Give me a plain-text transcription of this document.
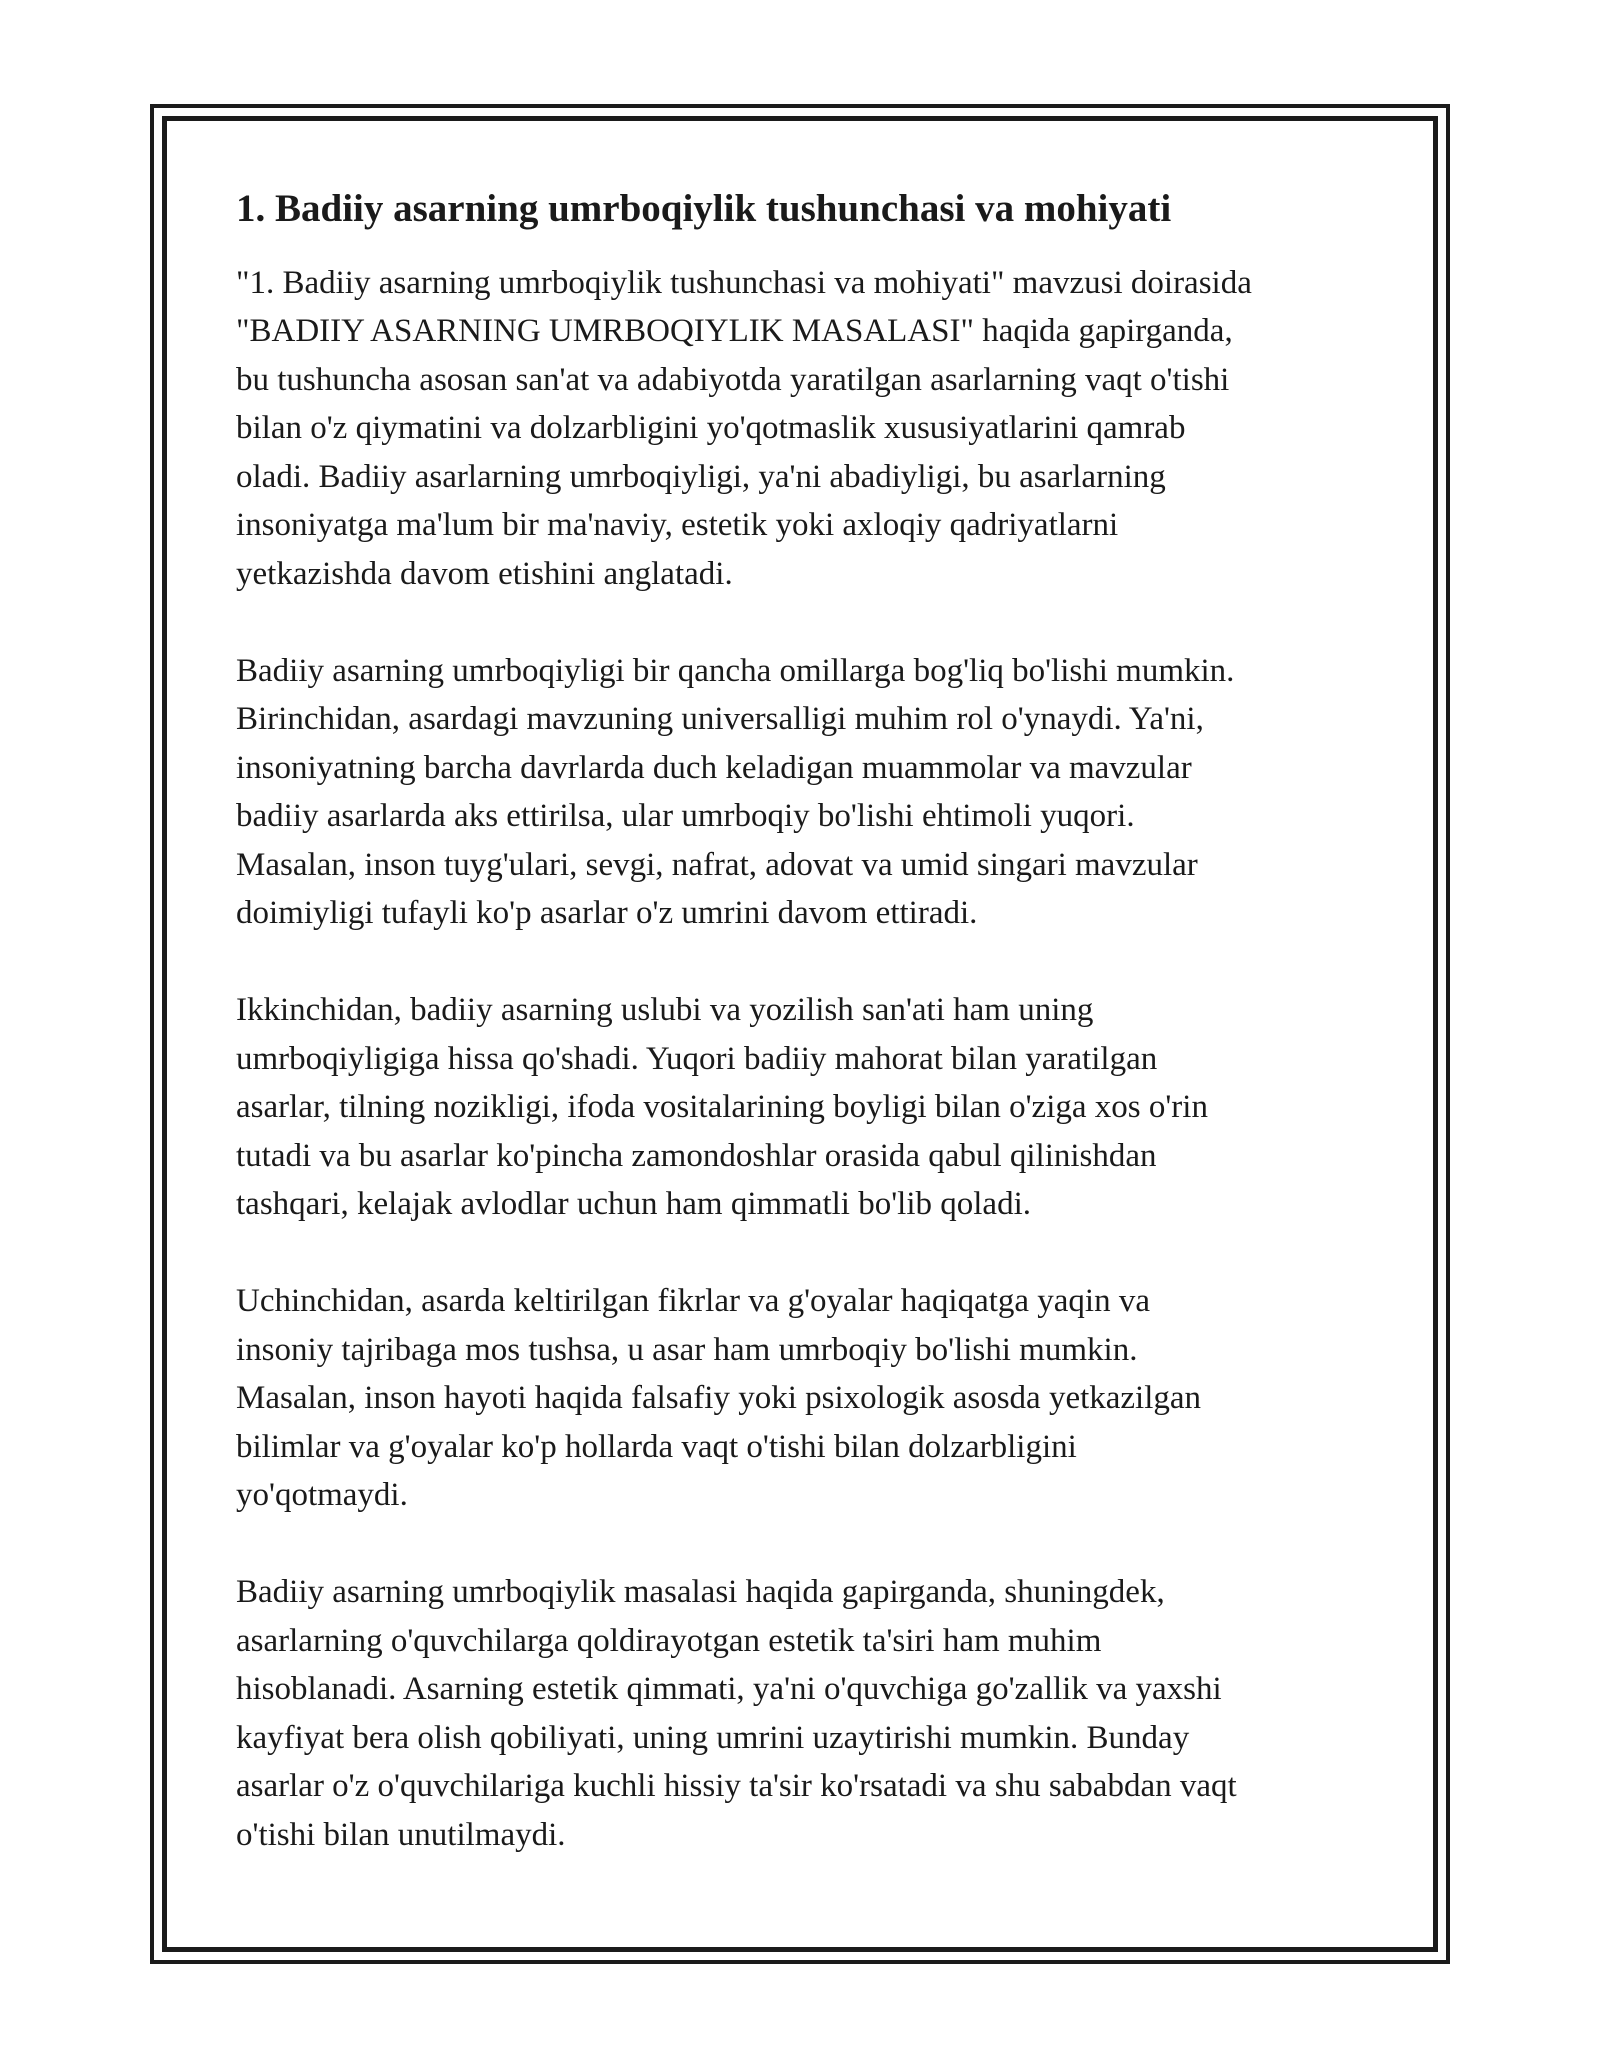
1. Badiiy asarning umrboqiylik tushunchasi va mohiyati

"1. Badiiy asarning umrboqiylik tushunchasi va mohiyati" mavzusi doirasida
"BADIIY ASARNING UMRBOQIYLIK MASALASI" haqida gapirganda,
bu tushuncha asosan san'at va adabiyotda yaratilgan asarlarning vaqt o'tishi
bilan o'z qiymatini va dolzarbligini yo'qotmaslik xususiyatlarini qamrab
oladi. Badiiy asarlarning umrboqiyligi, ya'ni abadiyligi, bu asarlarning
insoniyatga ma'lum bir ma'naviy, estetik yoki axloqiy qadriyatlarni
yetkazishda davom etishini anglatadi.

Badiiy asarning umrboqiyligi bir qancha omillarga bog'liq bo'lishi mumkin.
Birinchidan, asardagi mavzuning universalligi muhim rol o'ynaydi. Ya'ni,
insoniyatning barcha davrlarda duch keladigan muammolar va mavzular
badiiy asarlarda aks ettirilsa, ular umrboqiy bo'lishi ehtimoli yuqori.
Masalan, inson tuyg'ulari, sevgi, nafrat, adovat va umid singari mavzular
doimiyligi tufayli ko'p asarlar o'z umrini davom ettiradi.

Ikkinchidan, badiiy asarning uslubi va yozilish san'ati ham uning
umrboqiyligiga hissa qo'shadi. Yuqori badiiy mahorat bilan yaratilgan
asarlar, tilning nozikligi, ifoda vositalarining boyligi bilan o'ziga xos o'rin
tutadi va bu asarlar ko'pincha zamondoshlar orasida qabul qilinishdan
tashqari, kelajak avlodlar uchun ham qimmatli bo'lib qoladi.

Uchinchidan, asarda keltirilgan fikrlar va g'oyalar haqiqatga yaqin va
insoniy tajribaga mos tushsa, u asar ham umrboqiy bo'lishi mumkin.
Masalan, inson hayoti haqida falsafiy yoki psixologik asosda yetkazilgan
bilimlar va g'oyalar ko'p hollarda vaqt o'tishi bilan dolzarbligini
yo'qotmaydi.

Badiiy asarning umrboqiylik masalasi haqida gapirganda, shuningdek,
asarlarning o'quvchilarga qoldirayotgan estetik ta'siri ham muhim
hisoblanadi. Asarning estetik qimmati, ya'ni o'quvchiga go'zallik va yaxshi
kayfiyat bera olish qobiliyati, uning umrini uzaytirishi mumkin. Bunday
asarlar o'z o'quvchilariga kuchli hissiy ta'sir ko'rsatadi va shu sababdan vaqt
o'tishi bilan unutilmaydi.
